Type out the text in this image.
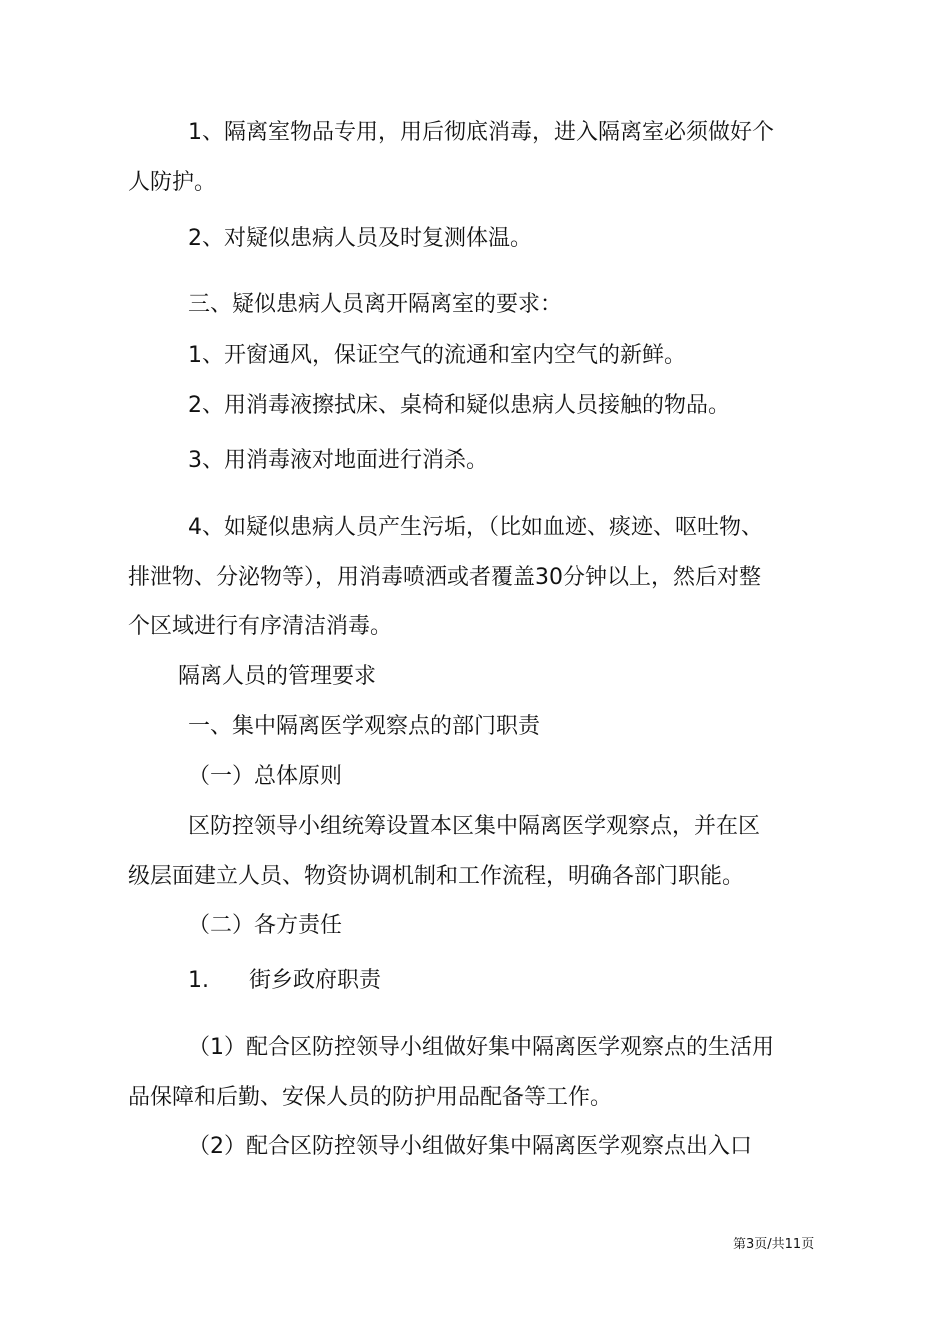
1、隔离室物品专用，用后彻底消毒，进入隔离室必须做好个
人防护。
2、对疑似患病人员及时复测体温。
三、疑似患病人员离开隔离室的要求：
1、开窗通风，保证空气的流通和室内空气的新鲜。
2、用消毒液擦拭床、桌椅和疑似患病人员接触的物品。
3、用消毒液对地面进行消杀。
4、如疑似患病人员产生污垢，（比如血迹、痰迹、呕吐物、
排泄物、分泌物等），用消毒喷洒或者覆盖30分钟以上，然后对整
个区域进行有序清洁消毒。
隔离人员的管理要求
一、集中隔离医学观察点的部门职责
（一）总体原则
区防控领导小组统筹设置本区集中隔离医学观察点，并在区
级层面建立人员、物资协调机制和工作流程，明确各部门职能。
（二）各方责任
1. 街乡政府职责
（1）配合区防控领导小组做好集中隔离医学观察点的生活用
品保障和后勤、安保人员的防护用品配备等工作。
（2）配合区防控领导小组做好集中隔离医学观察点出入口
第3页/共11页
